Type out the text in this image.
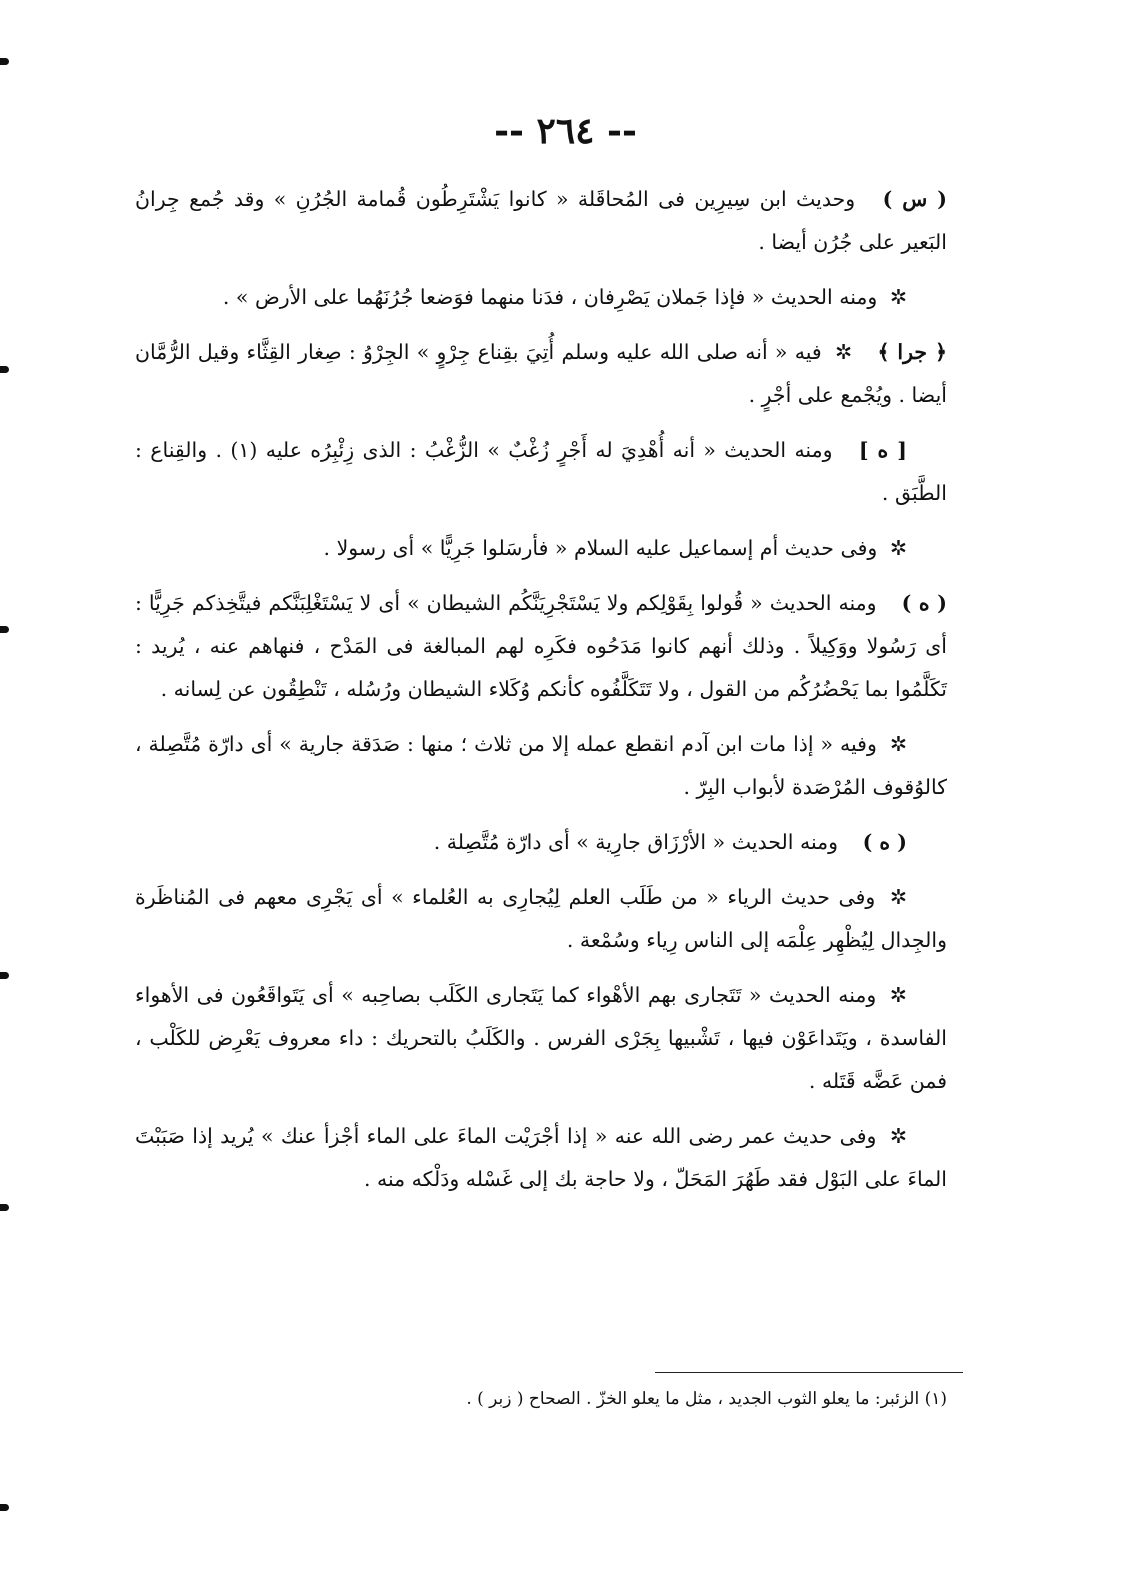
-- ٢٦٤ --

( س ) وحديث ابن سِيرِين فى المُحاقَلة « كانوا يَشْتَرِطُون قُمامة الجُرُنِ » وقد جُمع جِرانُ البَعير على جُرُن أيضا .

✲ ومنه الحديث « فإذا جَملان يَصْرِفان ، فدَنا منهما فوَضعا جُرُنَهُما على الأرض » .

﴿ جرا ﴾ ✲ فيه « أنه صلى الله عليه وسلم أُتِيَ بقِناع جِرْوٍ » الجِرْوُ : صِغار القِثَّاء وقيل الرُّمَّان أيضا . ويُجْمع على أجْرٍ .

[ ه ] ومنه الحديث « أنه أُهْدِيَ له أَجْرٍ زُغْبٌ » الزُّغْبُ : الذى زِئْبِرُه عليه (١) . والقِناع : الطَّبَق .

✲ وفى حديث أم إسماعيل عليه السلام « فأرسَلوا جَرِيًّا » أى رسولا .

( ه ) ومنه الحديث « قُولوا بِقَوْلِكم ولا يَسْتَجْرِيَنَّكُم الشيطان » أى لا يَسْتَغْلِبَنَّكم فيتَّخِذكم جَرِيًّا : أى رَسُولا ووَكِيلاً . وذلك أنهم كانوا مَدَحُوه فكَرِه لهم المبالغة فى المَدْح ، فنهاهم عنه ، يُريد : تَكَلَّمُوا بما يَحْضُرُكُم من القول ، ولا تَتَكَلَّفُوه كأنكم وُكَلاء الشيطان ورُسُله ، تَنْطِقُون عن لِسانه .

✲ وفيه « إذا مات ابن آدم انقطع عمله إلا من ثلاث ؛ منها : صَدَقة جارية » أى دارّة مُتَّصِلة ، كالوُقوف المُرْصَدة لأبواب البِرّ .

( ه ) ومنه الحديث « الأرْزَاق جارِية » أى دارّة مُتَّصِلة .

✲ وفى حديث الرياء « من طَلَب العلم لِيُجارِى به العُلماء » أى يَجْرِى معهم فى المُناظَرة والجِدال لِيُظْهِر عِلْمَه إلى الناس رِياء وسُمْعة .

✲ ومنه الحديث « تَتَجارى بهم الأهْواء كما يَتَجارى الكَلَب بصاحِبه » أى يَتَواقَعُون فى الأهواء الفاسدة ، ويَتَداعَوْن فيها ، تَشْبيها بِجَرْى الفرس . والكَلَبُ بالتحريك : داء معروف يَعْرِض للكَلْب ، فمن عَضَّه قَتَله .

✲ وفى حديث عمر رضى الله عنه « إذا أجْرَيْت الماءَ على الماء أجْزأ عنك » يُريد إذا صَبَبْتَ الماءَ على البَوْل فقد طَهُرَ المَحَلّ ، ولا حاجة بك إلى غَسْله ودَلْكه منه .

(١) الزئبر: ما يعلو الثوب الجديد ، مثل ما يعلو الخزّ . الصحاح ( زبر ) .
